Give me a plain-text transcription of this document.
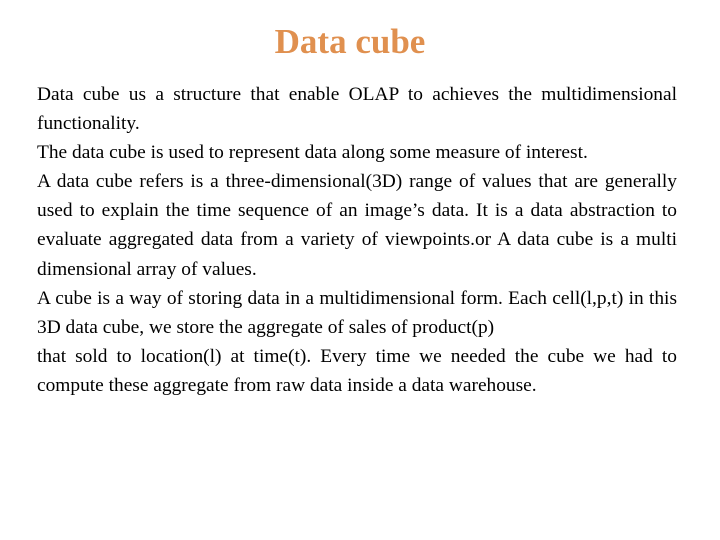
Data cube

Data cube us a structure that enable OLAP to achieves the multidimensional functionality.

The data cube is used to represent data along some measure of interest.

A data cube refers is a three-dimensional(3D) range of values that are generally used to explain the time sequence of an image’s data. It is a data abstraction to evaluate aggregated data from a variety of viewpoints.or A data cube is a multi dimensional array of values.

A cube is a way of storing data in a multidimensional form. Each cell(l,p,t) in this 3D data cube, we store the aggregate of sales of product(p)

that sold to location(l) at time(t). Every time we needed the cube we had to compute these aggregate from raw data inside a data warehouse.
